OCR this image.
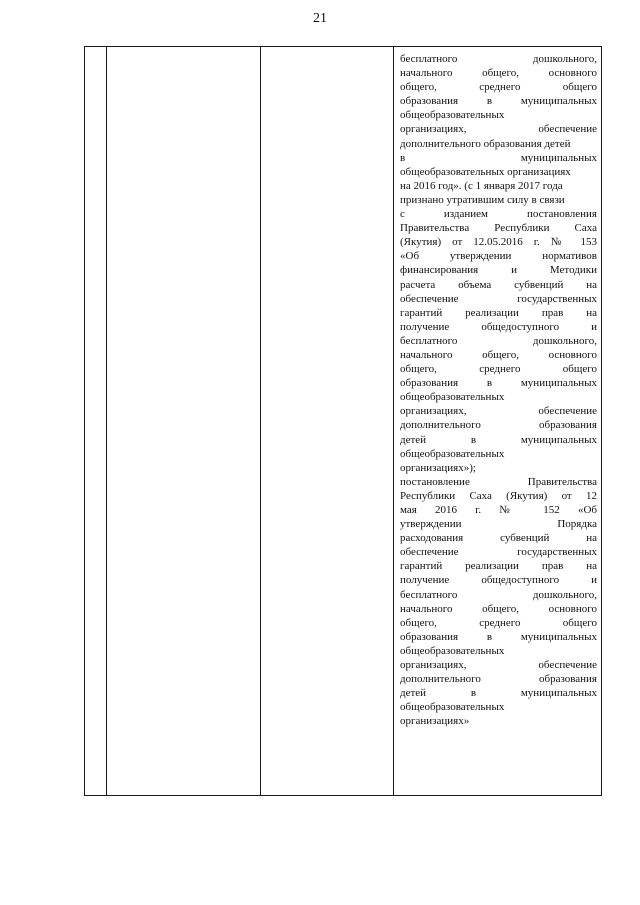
21
бесплатного дошкольного,
начального общего, основного
общего, среднего общего
образования в муниципальных
общеобразовательных
организациях, обеспечение
дополнительного образования детей
в муниципальных
общеобразовательных организациях
на 2016 год». (с 1 января 2017 года
признано утратившим силу в связи
с изданием постановления
Правительства Республики Саха
(Якутия) от 12.05.2016 г. № 153
«Об утверждении нормативов
финансирования и Методики
расчета объема субвенций на
обеспечение государственных
гарантий реализации прав на
получение общедоступного и
бесплатного дошкольного,
начального общего, основного
общего, среднего общего
образования в муниципальных
общеобразовательных
организациях, обеспечение
дополнительного образования
детей в муниципальных
общеобразовательных
организациях»);
постановление Правительства
Республики Саха (Якутия) от 12
мая 2016 г. № 152 «Об
утверждении Порядка
расходования субвенций на
обеспечение государственных
гарантий реализации прав на
получение общедоступного и
бесплатного дошкольного,
начального общего, основного
общего, среднего общего
образования в муниципальных
общеобразовательных
организациях, обеспечение
дополнительного образования
детей в муниципальных
общеобразовательных
организациях»
